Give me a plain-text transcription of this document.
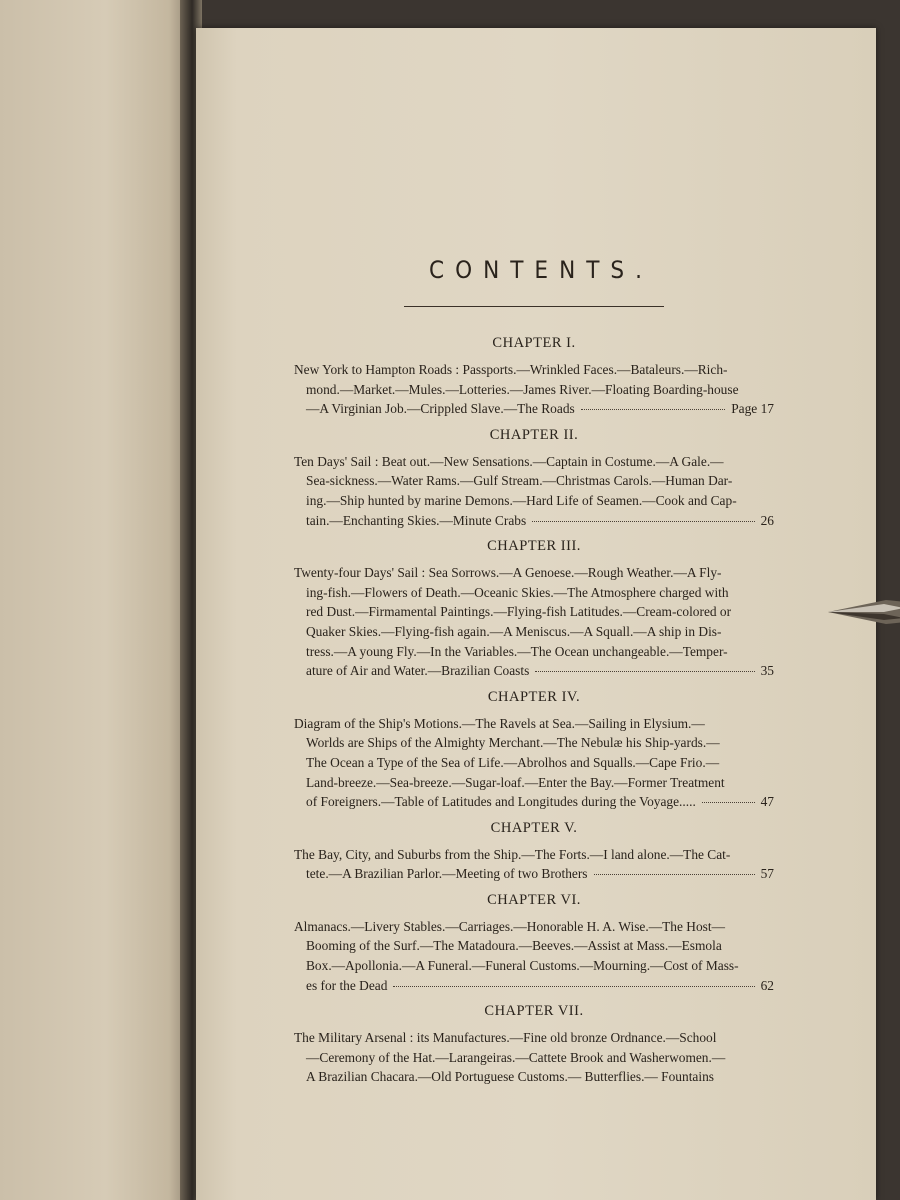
CONTENTS.
CHAPTER I.
New York to Hampton Roads : Passports.—Wrinkled Faces.—Bataleurs.—Rich-
mond.—Market.—Mules.—Lotteries.—James River.—Floating Boarding-house
—A Virginian Job.—Crippled Slave.—The Roads	Page 17
CHAPTER II.
Ten Days' Sail : Beat out.—New Sensations.—Captain in Costume.—A Gale.—
Sea-sickness.—Water Rams.—Gulf Stream.—Christmas Carols.—Human Dar-
ing.—Ship hunted by marine Demons.—Hard Life of Seamen.—Cook and Cap-
tain.—Enchanting Skies.—Minute Crabs	26
CHAPTER III.
Twenty-four Days' Sail : Sea Sorrows.—A Genoese.—Rough Weather.—A Fly-
ing-fish.—Flowers of Death.—Oceanic Skies.—The Atmosphere charged with
red Dust.—Firmamental Paintings.—Flying-fish Latitudes.—Cream-colored or
Quaker Skies.—Flying-fish again.—A Meniscus.—A Squall.—A ship in Dis-
tress.—A young Fly.—In the Variables.—The Ocean unchangeable.—Temper-
ature of Air and Water.—Brazilian Coasts	35
CHAPTER IV.
Diagram of the Ship's Motions.—The Ravels at Sea.—Sailing in Elysium.—
Worlds are Ships of the Almighty Merchant.—The Nebulæ his Ship-yards.—
The Ocean a Type of the Sea of Life.—Abrolhos and Squalls.—Cape Frio.—
Land-breeze.—Sea-breeze.—Sugar-loaf.—Enter the Bay.—Former Treatment
of Foreigners.—Table of Latitudes and Longitudes during the Voyage.....	47
CHAPTER V.
The Bay, City, and Suburbs from the Ship.—The Forts.—I land alone.—The Cat-
tete.—A Brazilian Parlor.—Meeting of two Brothers	57
CHAPTER VI.
Almanacs.—Livery Stables.—Carriages.—Honorable H. A. Wise.—The Host—
Booming of the Surf.—The Matadoura.—Beeves.—Assist at Mass.—Esmola
Box.—Apollonia.—A Funeral.—Funeral Customs.—Mourning.—Cost of Mass-
es for the Dead	62
CHAPTER VII.
The Military Arsenal : its Manufactures.—Fine old bronze Ordnance.—School
—Ceremony of the Hat.—Larangeiras.—Cattete Brook and Washerwomen.—
A Brazilian Chacara.—Old Portuguese Customs.— Butterflies.— Fountains
